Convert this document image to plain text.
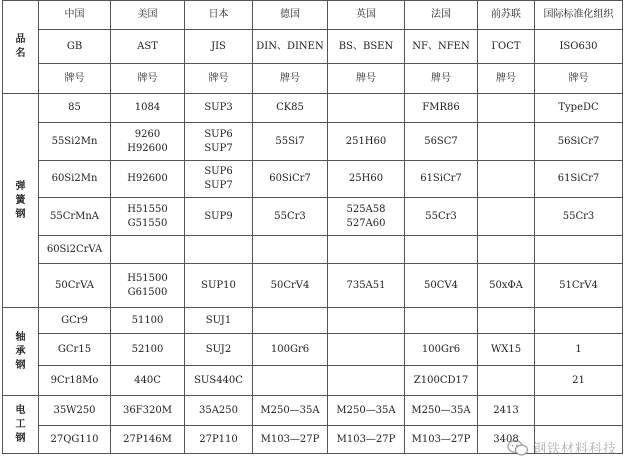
品
名	中国	美国	日本	德国	英国	法国	前苏联	国际标准化组织
	GB	AST	JIS	DIN、DINEN	BS、BSEN	NF、NFEN	ГOCT	ISO630
	牌号	牌号	牌号	牌号	牌号	牌号	牌号	牌号

弹
簧
钢	85	1084	SUP3	CK85		FMR86		TypeDC
	55Si2Mn	9260
H92600	SUP6
SUP7	55Si7	251H60	56SC7		56SiCr7
	60Si2Mn	H92600	SUP6
SUP7	60SiCr7	25H60	61SiCr7		61SiCr7
	55CrMnA	H51550
G51550	SUP9	55Cr3	525A58
527A60	55Cr3		55Cr3
	60Si2CrVA							
	50CrVA	H51500
G61500	SUP10	50CrV4	735A51	50CV4	50xΦA	51CrV4

轴
承
钢	GCr9	51100	SUJ1					
	GCr15	52100	SUJ2	100Gr6		100Gr6	WX15	1
	9Cr18Mo	440C	SUS440C			Z100CD17		21

电
工
钢	35W250	36F320M	35A250	M250—35A	M250—35A	M250—35A	2413	
	27QG110	27P146M	27P110	M103—27P	M103—27P	M103—27P	3408	
钢铁材料科技
